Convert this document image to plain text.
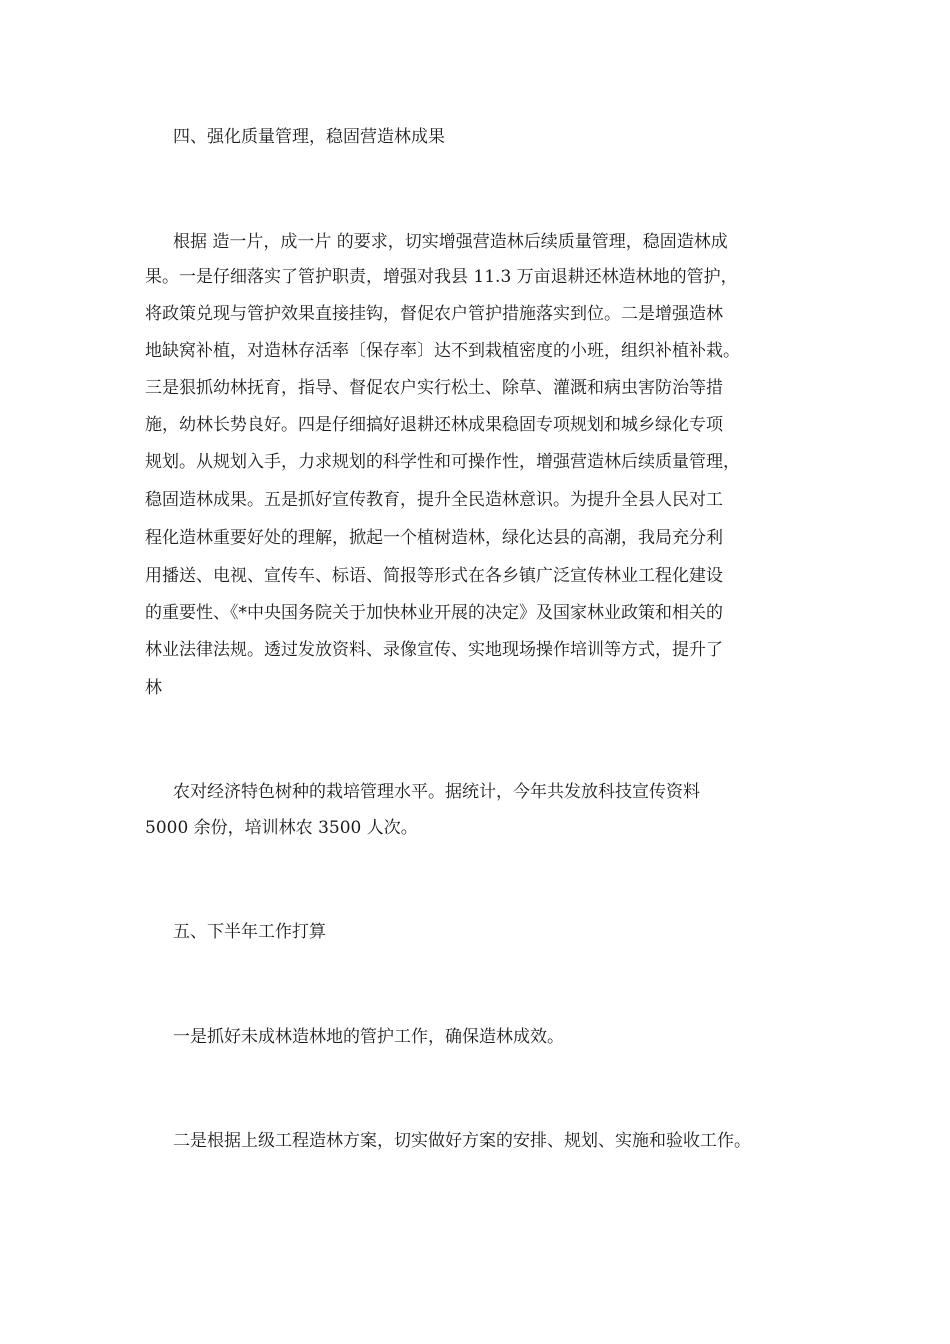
四、强化质量管理，稳固营造林成果
根据 造一片，成一片 的要求，切实增强营造林后续质量管理，稳固造林成
果。一是仔细落实了管护职责，增强对我县 11.3 万亩退耕还林造林地的管护，
将政策兑现与管护效果直接挂钩，督促农户管护措施落实到位。二是增强造林
地缺窝补植，对造林存活率〔保存率〕达不到栽植密度的小班，组织补植补栽。
三是狠抓幼林抚育，指导、督促农户实行松土、除草、灌溉和病虫害防治等措
施，幼林长势良好。四是仔细搞好退耕还林成果稳固专项规划和城乡绿化专项
规划。从规划入手，力求规划的科学性和可操作性，增强营造林后续质量管理，
稳固造林成果。五是抓好宣传教育，提升全民造林意识。为提升全县人民对工
程化造林重要好处的理解，掀起一个植树造林，绿化达县的高潮，我局充分利
用播送、电视、宣传车、标语、简报等形式在各乡镇广泛宣传林业工程化建设
的重要性、《*中央国务院关于加快林业开展的决定》及国家林业政策和相关的
林业法律法规。透过发放资料、录像宣传、实地现场操作培训等方式，提升了
林
农对经济特色树种的栽培管理水平。据统计，今年共发放科技宣传资料
5000 余份，培训林农 3500 人次。
五、下半年工作打算
一是抓好未成林造林地的管护工作，确保造林成效。
二是根据上级工程造林方案，切实做好方案的安排、规划、实施和验收工作。
